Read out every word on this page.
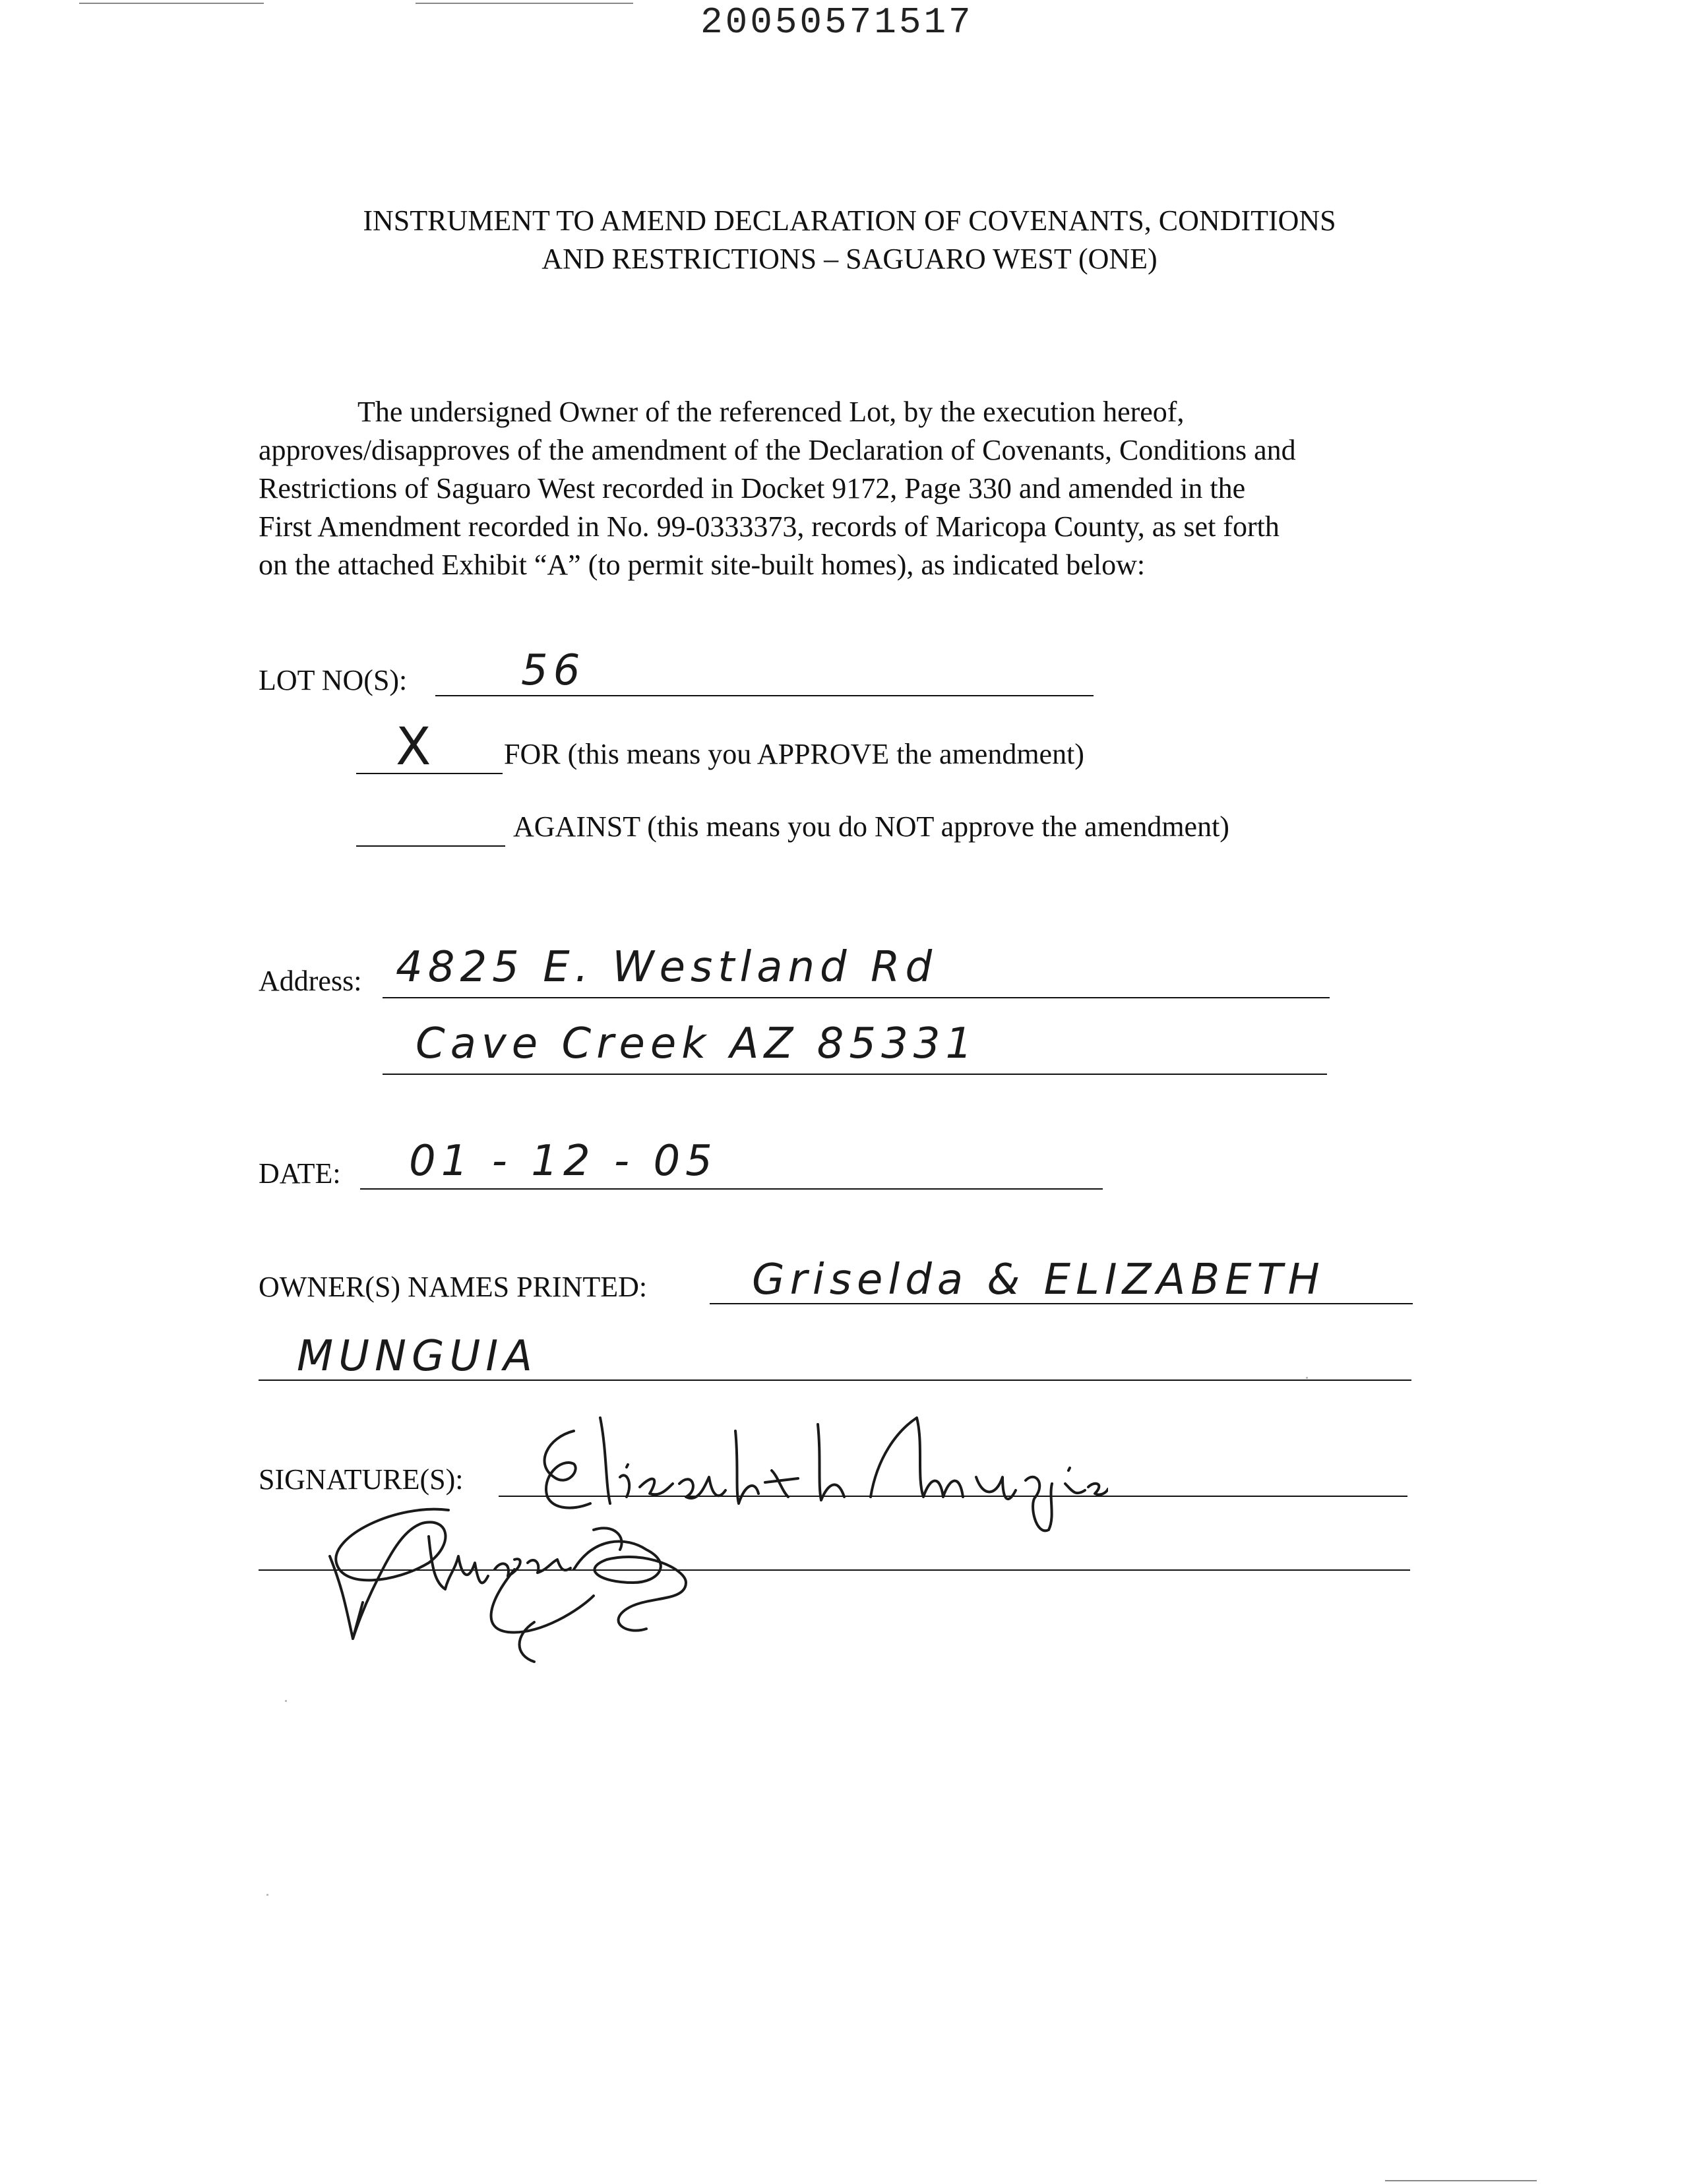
20050571517
INSTRUMENT TO AMEND DECLARATION OF COVENANTS, CONDITIONS
AND RESTRICTIONS – SAGUARO WEST (ONE)
The undersigned Owner of the referenced Lot, by the execution hereof,
approves/disapproves of the amendment of the Declaration of Covenants, Conditions and
Restrictions of Saguaro West recorded in Docket 9172, Page 330 and amended in the
First Amendment recorded in No. 99-0333373, records of Maricopa County, as set forth
on the attached Exhibit “A” (to permit site-built homes), as indicated below:
LOT NO(S):	56
X	FOR (this means you APPROVE the amendment)
AGAINST (this means you do NOT approve the amendment)
Address: 4825 E. Westland Rd
Cave Creek AZ 85331
DATE: 01 - 12 - 05
OWNER(S) NAMES PRINTED: Griselda & ELIZABETH
MUNGUIA
SIGNATURE(S):
